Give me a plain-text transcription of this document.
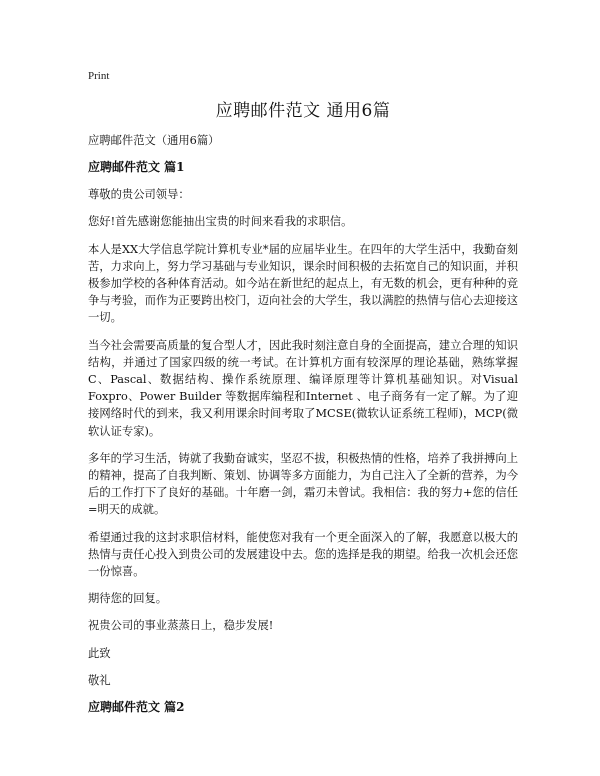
Print
应聘邮件范文 通用6篇

应聘邮件范文（通用6篇）

应聘邮件范文 篇1

尊敬的贵公司领导：

您好!首先感谢您能抽出宝贵的时间来看我的求职信。

本人是XX大学信息学院计算机专业*届的应届毕业生。在四年的大学生活中，我勤奋刻苦，力求向上，努力学习基础与专业知识，课余时间积极的去拓宽自己的知识面，并积极参加学校的各种体育活动。如今站在新世纪的起点上，有无数的机会，更有种种的竞争与考验，而作为正要跨出校门，迈向社会的大学生，我以满腔的热情与信心去迎接这一切。

当今社会需要高质量的复合型人才，因此我时刻注意自身的全面提高，建立合理的知识结构，并通过了国家四级的统一考试。在计算机方面有较深厚的理论基础，熟练掌握C、Pascal、数据结构、操作系统原理、编译原理等计算机基础知识。对Visual Foxpro、Power Builder 等数据库编程和Internet 、电子商务有一定了解。为了迎接网络时代的到来，我又利用课余时间考取了MCSE(微软认证系统工程师)，MCP(微软认证专家)。

多年的学习生活，铸就了我勤奋诚实，坚忍不拔，积极热情的性格，培养了我拼搏向上的精神，提高了自我判断、策划、协调等多方面能力，为自己注入了全新的营养，为今后的工作打下了良好的基础。十年磨一剑，霜刃未曾试。我相信：我的努力+您的信任=明天的成就。

希望通过我的这封求职信材料，能使您对我有一个更全面深入的了解，我愿意以极大的热情与责任心投入到贵公司的发展建设中去。您的选择是我的期望。给我一次机会还您一份惊喜。

期待您的回复。

祝贵公司的事业蒸蒸日上，稳步发展!

此致

敬礼

应聘邮件范文 篇2
